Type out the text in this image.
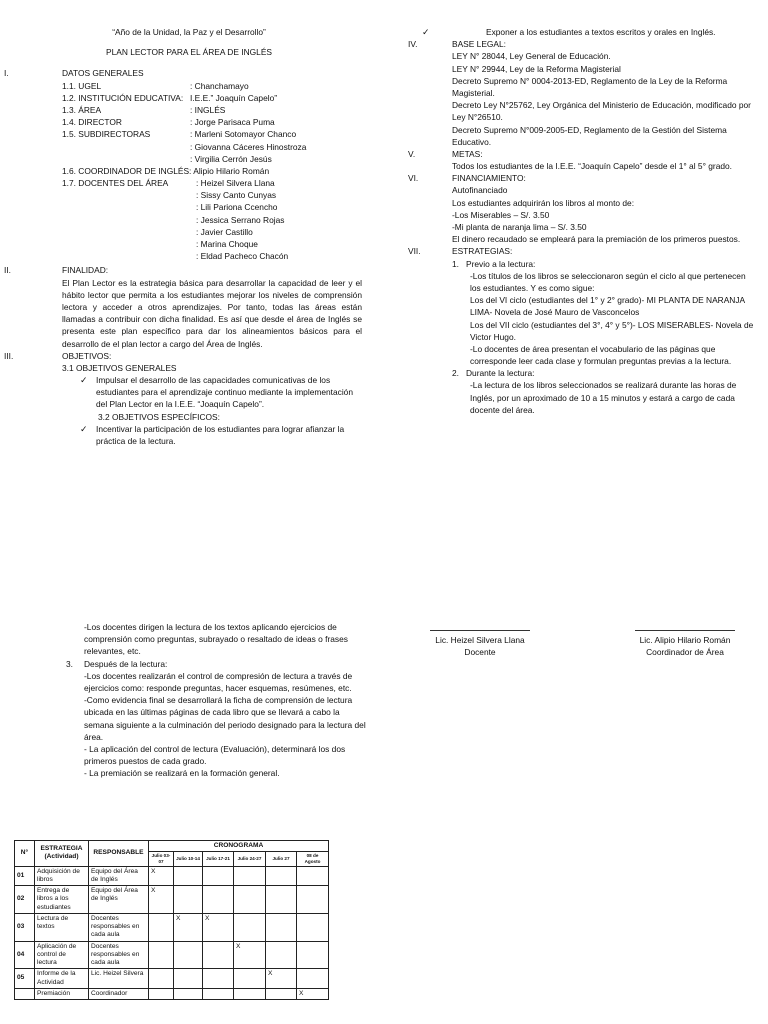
“Año de la Unidad, la Paz y el Desarrollo”
PLAN LECTOR PARA EL ÁREA DE INGLÉS
I.	DATOS GENERALES
1.1. UGEL	: Chanchamayo
1.2. INSTITUCIÓN EDUCATIVA: I.E.E.” Joaquín Capelo”
1.3. ÁREA	: INGLÉS
1.4. DIRECTOR	: Jorge Parisaca Puma
1.5. SUBDIRECTORAS	: Marleni Sotomayor Chanco
: Giovanna Cáceres Hinostroza
: Virgilia Cerrón Jesús
1.6. COORDINADOR DE INGLÉS: Alipio Hilario Román
1.7. DOCENTES DEL ÁREA	: Heizel Silvera Llana
: Sissy Canto Cunyas
: Lili Pariona Ccencho
: Jessica Serrano Rojas
: Javier Castillo
: Marina Choque
: Eldad Pacheco Chacón
II.	FINALIDAD:
El Plan Lector es la estrategia básica para desarrollar la capacidad de leer y el hábito lector que permita a los estudiantes mejorar los niveles de comprensión lectora y acceder a otros aprendizajes. Por tanto, todas las áreas están llamadas a contribuir con dicha finalidad. Es así que desde el área de Inglés se presenta este plan específico para dar los alineamientos básicos para el desarrollo de el plan lector a cargo del Área de Inglés.
III.	OBJETIVOS:
3.1 OBJETIVOS GENERALES
✓ Impulsar el desarrollo de las capacidades comunicativas de los estudiantes para el aprendizaje continuo mediante la implementación del Plan Lector en la I.E.E. “Joaquín Capelo”.
3.2 OBJETIVOS ESPECÍFICOS:
✓ Incentivar la participación de los estudiantes para lograr afianzar la práctica de la lectura.
✓ Exponer a los estudiantes a textos escritos y orales en Inglés.
IV.	BASE LEGAL:
LEY N° 28044, Ley General de Educación.
LEY N° 29944, Ley de la Reforma Magisterial
Decreto Supremo N° 0004-2013-ED, Reglamento de la Ley de la Reforma Magisterial.
Decreto Ley N°25762, Ley Orgánica del Ministerio de Educación, modificado por Ley N°26510.
Decreto Supremo N°009-2005-ED, Reglamento de la Gestión del Sistema Educativo.
V.	METAS:
Todos los estudiantes de la I.E.E. “Joaquín Capelo” desde el 1° al 5° grado.
VI.	FINANCIAMIENTO:
Autofinanciado
Los estudiantes adquirirán los libros al monto de:
-Los Miserables – S/. 3.50
-Mi planta de naranja lima – S/. 3.50
El dinero recaudado se empleará para la premiación de los primeros puestos.
VII.	ESTRATEGIAS:
1. Previo a la lectura:
-Los títulos de los libros se seleccionaron según el ciclo al que pertenecen los estudiantes. Y es como sigue:
Los del VI ciclo (estudiantes del 1° y 2° grado)- MI PLANTA DE NARANJA LIMA- Novela de José Mauro de Vasconcelos
Los del VII ciclo (estudiantes del 3°, 4° y 5°)- LOS MISERABLES- Novela de Victor Hugo.
-Lo docentes de área presentan el vocabulario de las páginas que corresponde leer cada clase y formulan preguntas previas a la lectura.
2. Durante la lectura:
-La lectura de los libros seleccionados se realizará durante las horas de Inglés, por un aproximado de 10 a 15 minutos y estará a cargo de cada docente del área.
-Los docentes dirigen la lectura de los textos aplicando ejercicios de comprensión como preguntas, subrayado o resaltado de ideas o frases relevantes, etc.
3. Después de la lectura:
-Los docentes realizarán el control de compresión de lectura a través de ejercicios como: responde preguntas, hacer esquemas, resúmenes, etc.
-Como evidencia final se desarrollará la ficha de comprensión de lectura ubicada en las últimas páginas de cada libro que se llevará a cabo la semana siguiente a la culminación del periodo designado para la lectura del área.
- La aplicación del control de lectura (Evaluación), determinará los dos primeros puestos de cada grado.
- La premiación se realizará en la formación general.
Lic. Heizel Silvera Llana
Docente
Lic. Alipio Hilario Román
Coordinador de Área
N°	ESTRATEGIA (Actividad)	RESPONSABLE	CRONOGRAMA					
			Julio 03-07	Julio 10-14	Julio 17-21	Julio 24-27	Julio 27	08 de Agosto
01	Adquisición de libros	Equipo del Área de Inglés	X					
02	Entrega de libros a los estudiantes	Equipo del Área de Inglés	X					
03	Lectura de textos	Docentes responsables en cada aula		X	X			
04	Aplicación de control de lectura	Docentes responsables en cada aula				X		
05	Informe de la Actividad	Lic. Heizel Silvera					X	
	Premiación	Coordinador						X
